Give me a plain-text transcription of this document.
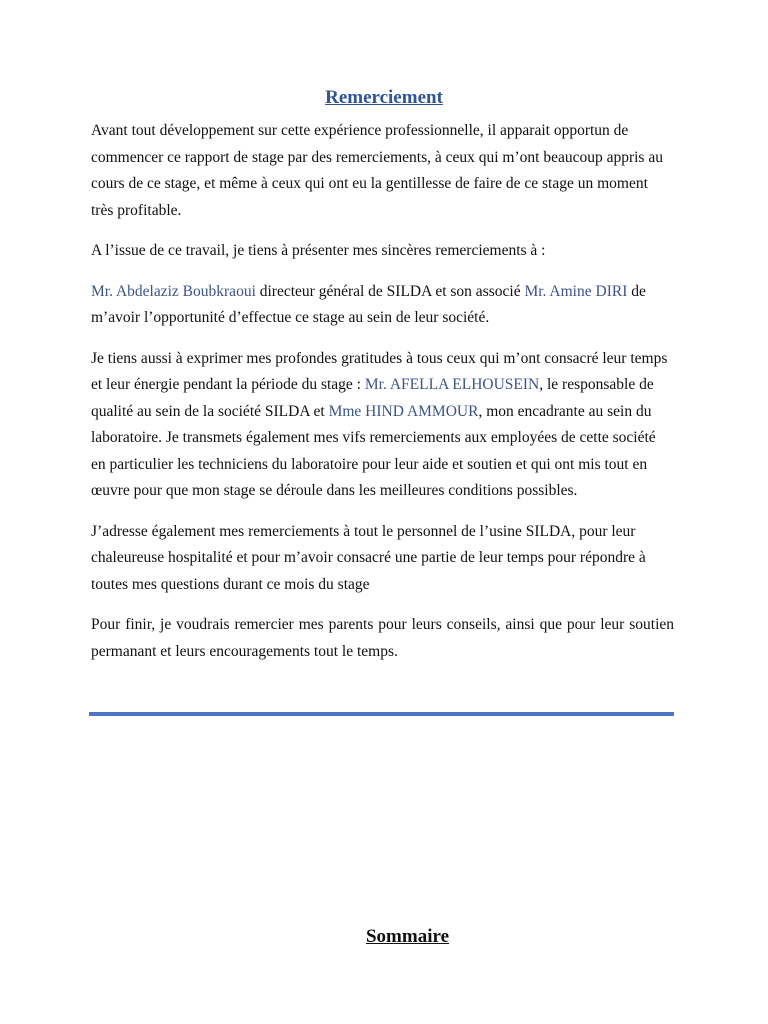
Remerciement

Avant tout développement sur cette expérience professionnelle, il apparait opportun de commencer ce rapport de stage par des remerciements, à ceux qui m’ont beaucoup appris au cours de ce stage, et même à ceux qui ont eu la gentillesse de faire de ce stage un moment très profitable.

A l’issue de ce travail, je tiens à présenter mes sincères remerciements à :

Mr. Abdelaziz Boubkraoui directeur général de SILDA et son associé Mr. Amine DIRI de m’avoir l’opportunité d’effectue ce stage au sein de leur société.

Je tiens aussi à exprimer mes profondes gratitudes à tous ceux qui m’ont consacré leur temps et leur énergie pendant la période du stage : Mr. AFELLA ELHOUSEIN, le responsable de qualité au sein de la société SILDA et Mme HIND AMMOUR, mon encadrante au sein du laboratoire. Je transmets également mes vifs remerciements aux employées de cette société en particulier les techniciens du laboratoire pour leur aide et soutien et qui ont mis tout en œuvre pour que mon stage se déroule dans les meilleures conditions possibles.

J’adresse également mes remerciements à tout le personnel de l’usine SILDA, pour leur chaleureuse hospitalité et pour m’avoir consacré une partie de leur temps pour répondre à toutes mes questions durant ce mois du stage

Pour finir, je voudrais remercier mes parents pour leurs conseils, ainsi que pour leur soutien permanant et leurs encouragements tout le temps.

Sommaire
